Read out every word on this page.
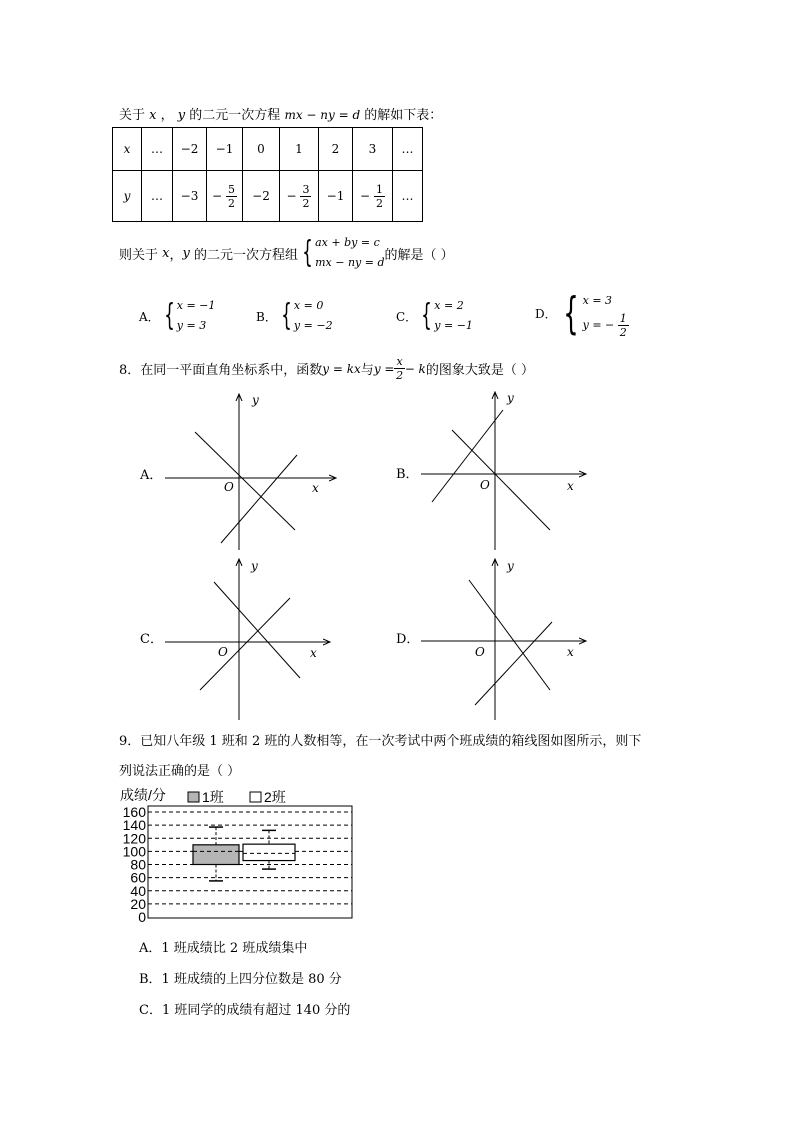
关于 x ， y 的二元一次方程 mx − ny = d 的解如下表：
x	…	−2	−1	0	1	2	3	…
y	…	−3	− $\frac{5}{2}$	−2	− $\frac{3}{2}$	−1	− $\frac{1}{2}$	…
则关于
x ， y
的二元一次方程组 { ax + by = c
mx − ny = d 的解是（ ）
A． { x = −1
y = 3
B． { x = 0
y = −2
C． { x = 2
y = −1
D． { x = 3
y = − $\frac{1}{2}$
8．在同一平面直角坐标系中，函数 y = kx 与 $y = \frac{x}{2} - k$ 的图象大致是（ ）
A．
y
x
O
B．
y
x
O
C．
y
x
O
D．
y
x
O
9．已知八年级 1 班和 2 班的人数相等，在一次考试中两个班成绩的箱线图如图所示，则下
列说法正确的是（ ）
成绩/分	1班	2班
160
140
120
100
80
60
40
20
0
A．1 班成绩比 2 班成绩集中
B．1 班成绩的上四分位数是 80 分
C．1 班同学的成绩有超过 140 分的
